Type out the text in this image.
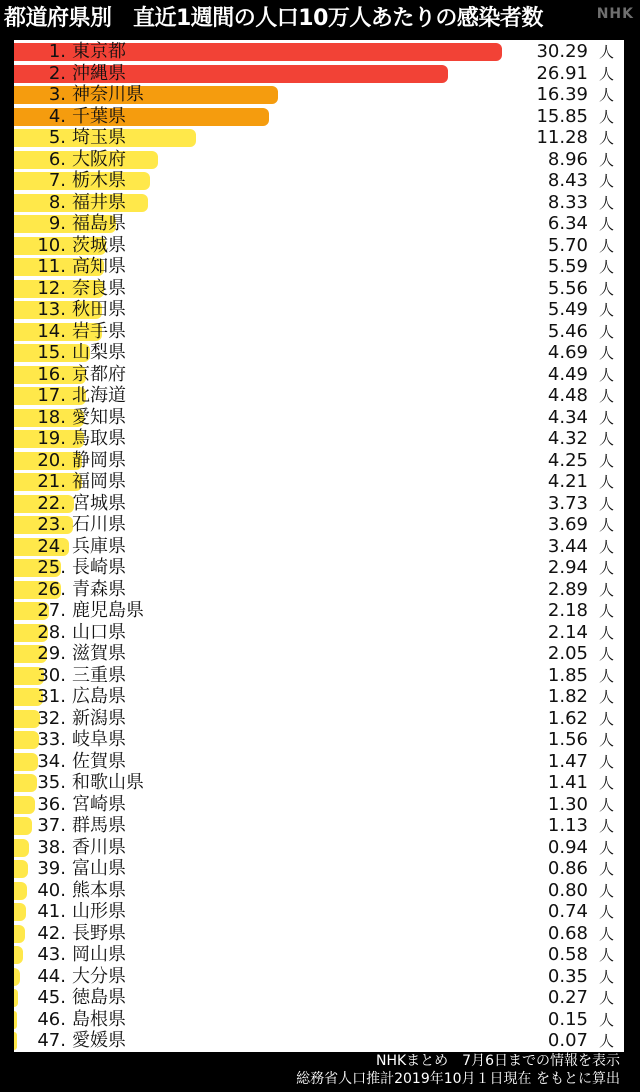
都道府県別　直近1週間の人口10万人あたりの感染者数	NHK
1. 東京都	30.29 人
2. 沖縄県	26.91 人
3. 神奈川県	16.39 人
4. 千葉県	15.85 人
5. 埼玉県	11.28 人
6. 大阪府	8.96 人
7. 栃木県	8.43 人
8. 福井県	8.33 人
9. 福島県	6.34 人
10. 茨城県	5.70 人
11. 高知県	5.59 人
12. 奈良県	5.56 人
13. 秋田県	5.49 人
14. 岩手県	5.46 人
15. 山梨県	4.69 人
16. 京都府	4.49 人
17. 北海道	4.48 人
18. 愛知県	4.34 人
19. 鳥取県	4.32 人
20. 静岡県	4.25 人
21. 福岡県	4.21 人
22. 宮城県	3.73 人
23. 石川県	3.69 人
24. 兵庫県	3.44 人
25. 長崎県	2.94 人
26. 青森県	2.89 人
27. 鹿児島県	2.18 人
28. 山口県	2.14 人
29. 滋賀県	2.05 人
30. 三重県	1.85 人
31. 広島県	1.82 人
32. 新潟県	1.62 人
33. 岐阜県	1.56 人
34. 佐賀県	1.47 人
35. 和歌山県	1.41 人
36. 宮崎県	1.30 人
37. 群馬県	1.13 人
38. 香川県	0.94 人
39. 富山県	0.86 人
40. 熊本県	0.80 人
41. 山形県	0.74 人
42. 長野県	0.68 人
43. 岡山県	0.58 人
44. 大分県	0.35 人
45. 徳島県	0.27 人
46. 島根県	0.15 人
47. 愛媛県	0.07 人
NHKまとめ　7月6日までの情報を表示
総務省人口推計2019年10月１日現在 をもとに算出
